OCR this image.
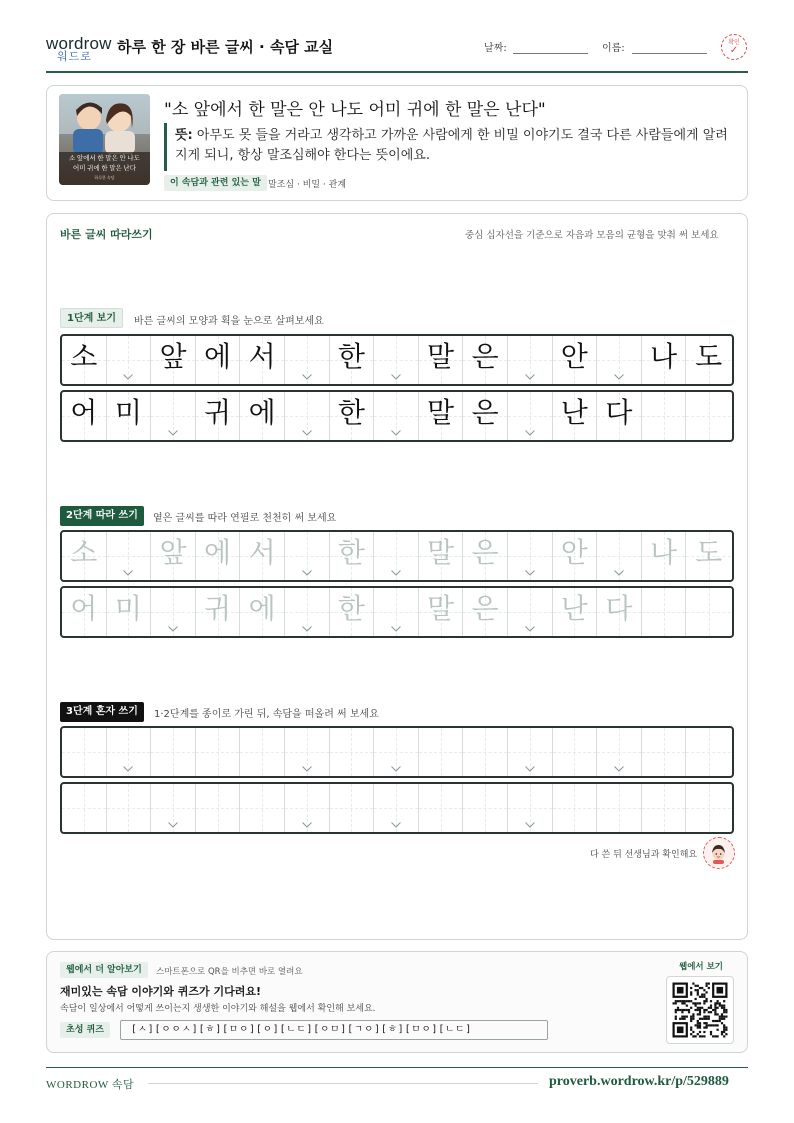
wordrow
워드로
하루 한 장 바른 글씨 · 속담 교실	날짜:	이름:
확인
✓
소 앞에서 한 말은 안 나도
어미 귀에 한 말은 난다
하루한 속담
"소 앞에서 한 말은 안 나도 어미 귀에 한 말은 난다"
뜻: 아무도 못 들을 거라고 생각하고 가까운 사람에게 한 비밀 이야기도 결국 다른 사람들에게 알려지게 되니, 항상 말조심해야 한다는 뜻이에요.
이 속담과 관련 있는 말 말조심 · 비밀 · 관계
바른 글씨 따라쓰기	중심 십자선을 기준으로 자음과 모음의 균형을 맞춰 써 보세요
1단계 보기	바른 글씨의 모양과 획을 눈으로 살펴보세요
소 앞 에 서 한 말 은 안 나 도
어 미 귀 에 한 말 은 난 다
2단계 따라 쓰기	옅은 글씨를 따라 연필로 천천히 써 보세요
소 앞 에 서 한 말 은 안 나 도
어 미 귀 에 한 말 은 난 다
3단계 혼자 쓰기	1·2단계를 종이로 가린 뒤, 속담을 떠올려 써 보세요
다 쓴 뒤 선생님과 확인해요
웹에서 더 알아보기	스마트폰으로 QR을 비추면 바로 열려요
재미있는 속담 이야기와 퀴즈가 기다려요!
속담이 일상에서 어떻게 쓰이는지 생생한 이야기와 해설을 웹에서 확인해 보세요.
초성 퀴즈	[ㅅ][ㅇㅇㅅ][ㅎ][ㅁㅇ][ㅇ][ㄴㄷ][ㅇㅁ][ㄱㅇ][ㅎ][ㅁㅇ][ㄴㄷ]
웹에서 보기
WORDROW 속담	proverb.wordrow.kr/p/529889
